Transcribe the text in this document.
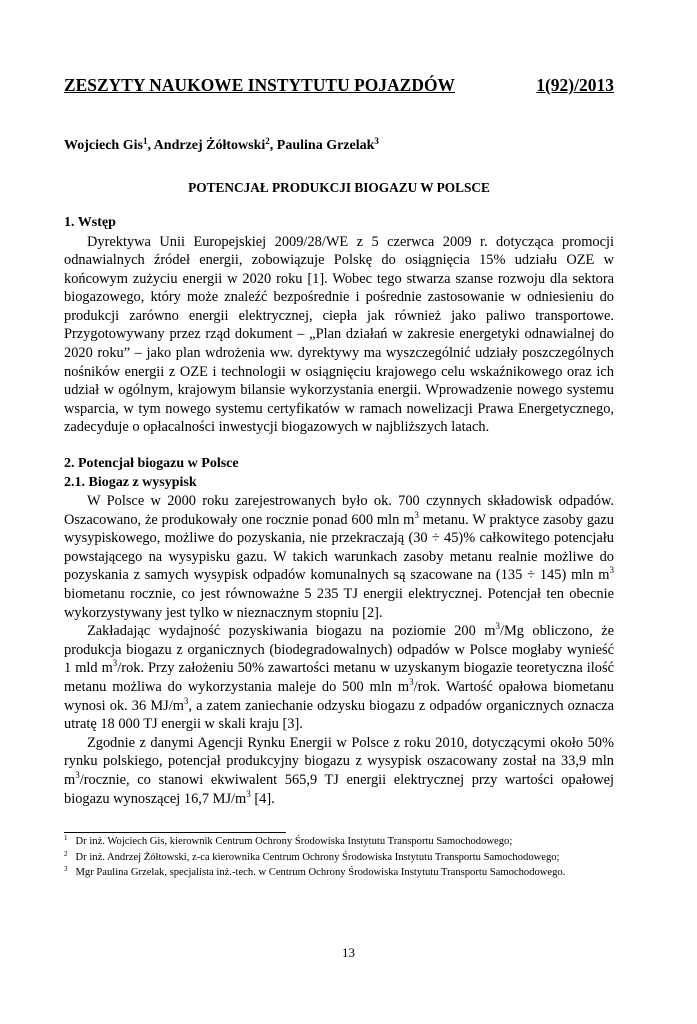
ZESZYTY NAUKOWE INSTYTUTU POJAZDÓW	1(92)/2013
Wojciech Gis$^1$, Andrzej Żółtowski$^2$, Paulina Grzelak$^3$
POTENCJAŁ PRODUKCJI BIOGAZU W POLSCE
1. Wstęp

Dyrektywa Unii Europejskiej 2009/28/WE z 5 czerwca 2009 r. dotycząca promocji odnawialnych źródeł energii, zobowiązuje Polskę do osiągnięcia 15% udziału OZE w końcowym zużyciu energii w 2020 roku [1]. Wobec tego stwarza szanse rozwoju dla sektora biogazowego, który może znaleźć bezpośrednie i pośrednie zastosowanie w odniesieniu do produkcji zarówno energii elektrycznej, ciepła jak również jako paliwo transportowe. Przygotowywany przez rząd dokument – „Plan działań w zakresie energetyki odnawialnej do 2020 roku” – jako plan wdrożenia ww. dyrektywy ma wyszczególnić udziały poszczególnych nośników energii z OZE i technologii w osiągnięciu krajowego celu wskaźnikowego oraz ich udział w ogólnym, krajowym bilansie wykorzystania energii. Wprowadzenie nowego systemu wsparcia, w tym nowego systemu certyfikatów w ramach nowelizacji Prawa Energetycznego, zadecyduje o opłacalności inwestycji biogazowych w najbliższych latach.

2. Potencjał biogazu w Polsce
2.1. Biogaz z wysypisk

W Polsce w 2000 roku zarejestrowanych było ok. 700 czynnych składowisk odpadów. Oszacowano, że produkowały one rocznie ponad 600 mln $m^3$ metanu. W praktyce zasoby gazu wysypiskowego, możliwe do pozyskania, nie przekraczają (30 ÷ 45)% całkowitego potencjału powstającego na wysypisku gazu. W takich warunkach zasoby metanu realnie możliwe do pozyskania z samych wysypisk odpadów komunalnych są szacowane na (135 ÷ 145) mln $m^3$ biometanu rocznie, co jest równoważne 5 235 TJ energii elektrycznej. Potencjał ten obecnie wykorzystywany jest tylko w nieznacznym stopniu [2].

Zakładając wydajność pozyskiwania biogazu na poziomie 200 $m^3/Mg$ obliczono, że produkcja biogazu z organicznych (biodegradowalnych) odpadów w Polsce mogłaby wynieść 1 mld $m^3$/rok. Przy założeniu 50% zawartości metanu w uzyskanym biogazie teoretyczna ilość metanu możliwa do wykorzystania maleje do 500 mln $m^3$/rok. Wartość opałowa biometanu wynosi ok. 36 $MJ/m^3$, a zatem zaniechanie odzysku biogazu z odpadów organicznych oznacza utratę 18 000 TJ energii w skali kraju [3].

Zgodnie z danymi Agencji Rynku Energii w Polsce z roku 2010, dotyczącymi około 50% rynku polskiego, potencjał produkcyjny biogazu z wysypisk oszacowany został na 33,9 mln $m^3$/rocznie, co stanowi ekwiwalent 565,9 TJ energii elektrycznej przy wartości opałowej biogazu wynoszącej 16,7 $MJ/m^3$ [4].

$^1$ Dr inż. Wojciech Gis, kierownik Centrum Ochrony Środowiska Instytutu Transportu Samochodowego;
$^2$ Dr inż. Andrzej Żółtowski, z-ca kierownika Centrum Ochrony Środowiska Instytutu Transportu Samochodowego;
$^3$ Mgr Paulina Grzelak, specjalista inż.-tech. w Centrum Ochrony Środowiska Instytutu Transportu Samochodowego.
13
